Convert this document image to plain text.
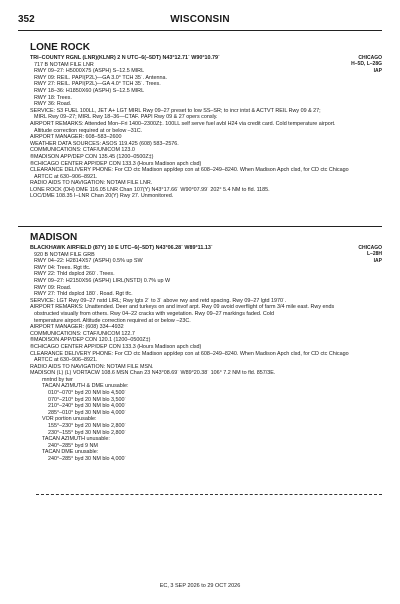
352	WISCONSIN
LONE ROCK
CHICAGO
H–5D, L–28G
IAP
TRI–COUNTY RGNL (LNR)(KLNR) 2 N UTC–6(–5DT) N43°12.71´ W90°10.79´
717 B NOTAM FILE LNR
RWY 09–27: H5000X75 (ASPH) S–12.5 MIRL
RWY 09: REIL. PAPI(P2L)—GA 3.0° TCH 35´. Antenna.
RWY 27: REIL. PAPI(P2L)—GA 4.0° TCH 35´. Trees.
RWY 18–36: H1850X60 (ASPH) S–12.5 MIRL
RWY 18: Trees.
RWY 36: Road.
SERVICE: S3 FUEL 100LL, JET A+ LGT MIRL Rwy 09–27 preset to low SS–SR; to incr intst & ACTVT REIL Rwy 09 & 27;
MIRL Rwy 09–27; MIRL Rwy 18–36—CTAF. PAPI Rwy 09 & 27 opers consly.
AIRPORT REMARKS: Attended Mon–Fri 1400–2300Z‡. 100LL self serve fuel avbl H24 via credit card. Cold temperature airport.
Altitude correction required at or below –31C.
AIRPORT MANAGER: 608–583–2600
WEATHER DATA SOURCES: ASOS 119.425 (608) 583–2576.
COMMUNICATIONS: CTAF/UNICOM 123.0
®MADISON APP/DEP CON 135.45 (1200–0500Z‡)
®CHICAGO CENTER APP/DEP CON 133.3 (Hours Madison apch clsd)
CLEARANCE DELIVERY PHONE: For CD ctc Madison app/dep con at 608–249–8240. When Madison Apch clsd, for CD ctc Chicago
ARTCC at 630–906–8921.
RADIO AIDS TO NAVIGATION: NOTAM FILE LNR.
LONE ROCK (DH) DME 116.05 LNR Chan 107(Y) N43°17.66´ W90°07.99´ 202° 5.4 NM to fld. 1185.
LOC/DME 108.35 I–LNR Chan 20(Y) Rwy 27. Unmonitored.
MADISON
CHICAGO
L–28H
IAP
BLACKHAWK AIRFIELD (87Y) 10 E UTC–6(–5DT) N43°06.28´ W89°11.13´
920 B NOTAM FILE GRB
RWY 04–22: H2814X57 (ASPH) 0.5% up SW
RWY 04: Trees. Rgt tfc.
RWY 22: Thld dsplcd 260´. Trees.
RWY 09–27: H2150X56 (ASPH) LIRL(NSTD) 0.7% up W
RWY 09: Road.
RWY 27: Thld dsplcd 180´. Road. Rgt tfc.
SERVICE: LGT Rwy 09–27 nstd LIRL; Rwy lgts 2´ to 3´ above rwy and retd spacing. Rwy 09–27 lgtd 1970´.
AIRPORT REMARKS: Unattended. Deer and turkeys on and invof arpt. Rwy 09 avoid overflight of farm 3/4 mile east. Rwy ends
obstructed visually from others. Rwy 04–22 cracks with vegetation. Rwy 09–27 markings faded. Cold
temperature airport. Altitude correction required at or below –23C.
AIRPORT MANAGER: (608) 334–4932
COMMUNICATIONS: CTAF/UNICOM 122.7
®MADISON APP/DEP CON 120.1 (1200–0500Z‡)
®CHICAGO CENTER APP/DEP CON 133.3 (Hours Madison apch clsd)
CLEARANCE DELIVERY PHONE: For CD ctc Madison app/dep con at 608–249–8240. When Madison Apch clsd, for CD ctc Chicago
ARTCC at 630–906–8921.
RADIO AIDS TO NAVIGATION: NOTAM FILE MSN.
MADISON (L) (L) VORTACW 108.6 MSN Chan 23 N43°08.69´ W89°20.38´ 106° 7.2 NM to fld. 857/3E.
mntnd by twr
TACAN AZIMUTH & DME unusable:
010°–070° byd 20 NM blo 4,500´
070°–210° byd 20 NM blo 3,500´
210°–240° byd 30 NM blo 4,000´
285°–010° byd 30 NM blo 4,000´
VOR portion unusable:
155°–230° byd 20 NM blo 2,800´
230°–155° byd 30 NM blo 2,800´
TACAN AZIMUTH unusable:
240°–285° byd 9 NM
TACAN DME unusable:
240°–285° byd 30 NM blo 4,000´
EC, 3 SEP 2026 to 29 OCT 2026
